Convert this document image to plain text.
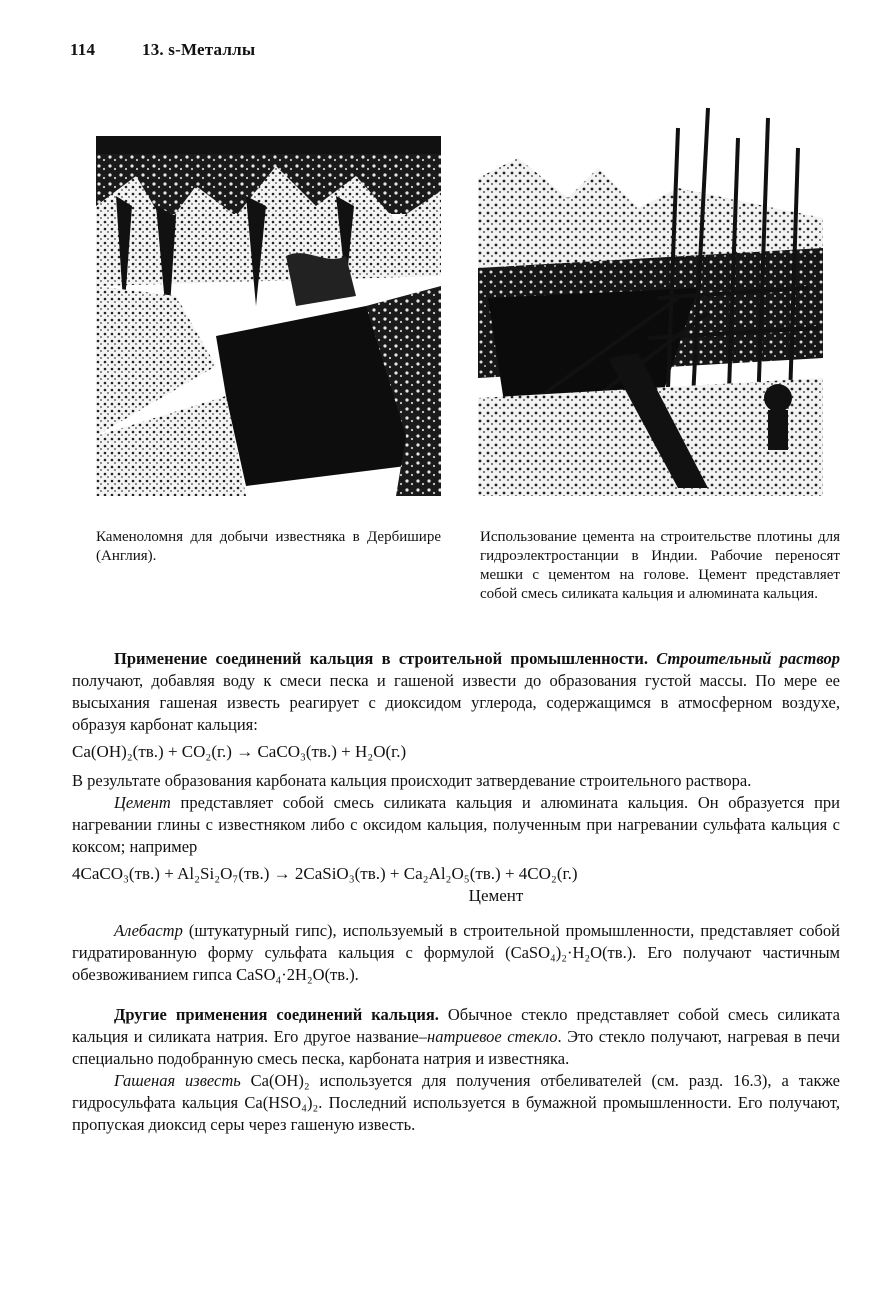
114	13. s-Металлы
Каменоломня для добычи известняка в Дербишире (Англия).
Использование цемента на строительстве плотины для гидроэлектростанции в Индии. Рабочие переносят мешки с цементом на голове. Цемент представляет собой смесь силиката кальция и алюмината кальция.

Применение соединений кальция в строительной промышленности. Строительный раствор получают, добавляя воду к смеси песка и гашеной извести до образования густой массы. По мере ее высыхания гашеная известь реагирует с диоксидом углерода, содержащимся в атмосферном воздухе, образуя карбонат кальция:

Ca(OH)₂(тв.) + CO₂(г.) → CaCO₃(тв.) + H₂O(г.)

В результате образования карбоната кальция происходит затвердевание строительного раствора.

Цемент представляет собой смесь силиката кальция и алюмината кальция. Он образуется при нагревании глины с известняком либо с оксидом кальция, полученным при нагревании сульфата кальция с коксом; например

4CaCO₃(тв.) + Al₂Si₂O₇(тв.) → 2CaSiO₃(тв.) + Ca₂Al₂O₅(тв.) + 4CO₂(г.)
Цемент

Алебастр (штукатурный гипс), используемый в строительной промышленности, представляет собой гидратированную форму сульфата кальция с формулой (CaSO₄)₂·H₂O(тв.). Его получают частичным обезвоживанием гипса CaSO₄·2H₂O(тв.).

Другие применения соединений кальция. Обычное стекло представляет собой смесь силиката кальция и силиката натрия. Его другое название–натриевое стекло. Это стекло получают, нагревая в печи специально подобранную смесь песка, карбоната натрия и известняка.

Гашеная известь Ca(OH)₂ используется для получения отбеливателей (см. разд. 16.3), а также гидросульфата кальция Ca(HSO₄)₂. Последний используется в бумажной промышленности. Его получают, пропуская диоксид серы через гашеную известь.
